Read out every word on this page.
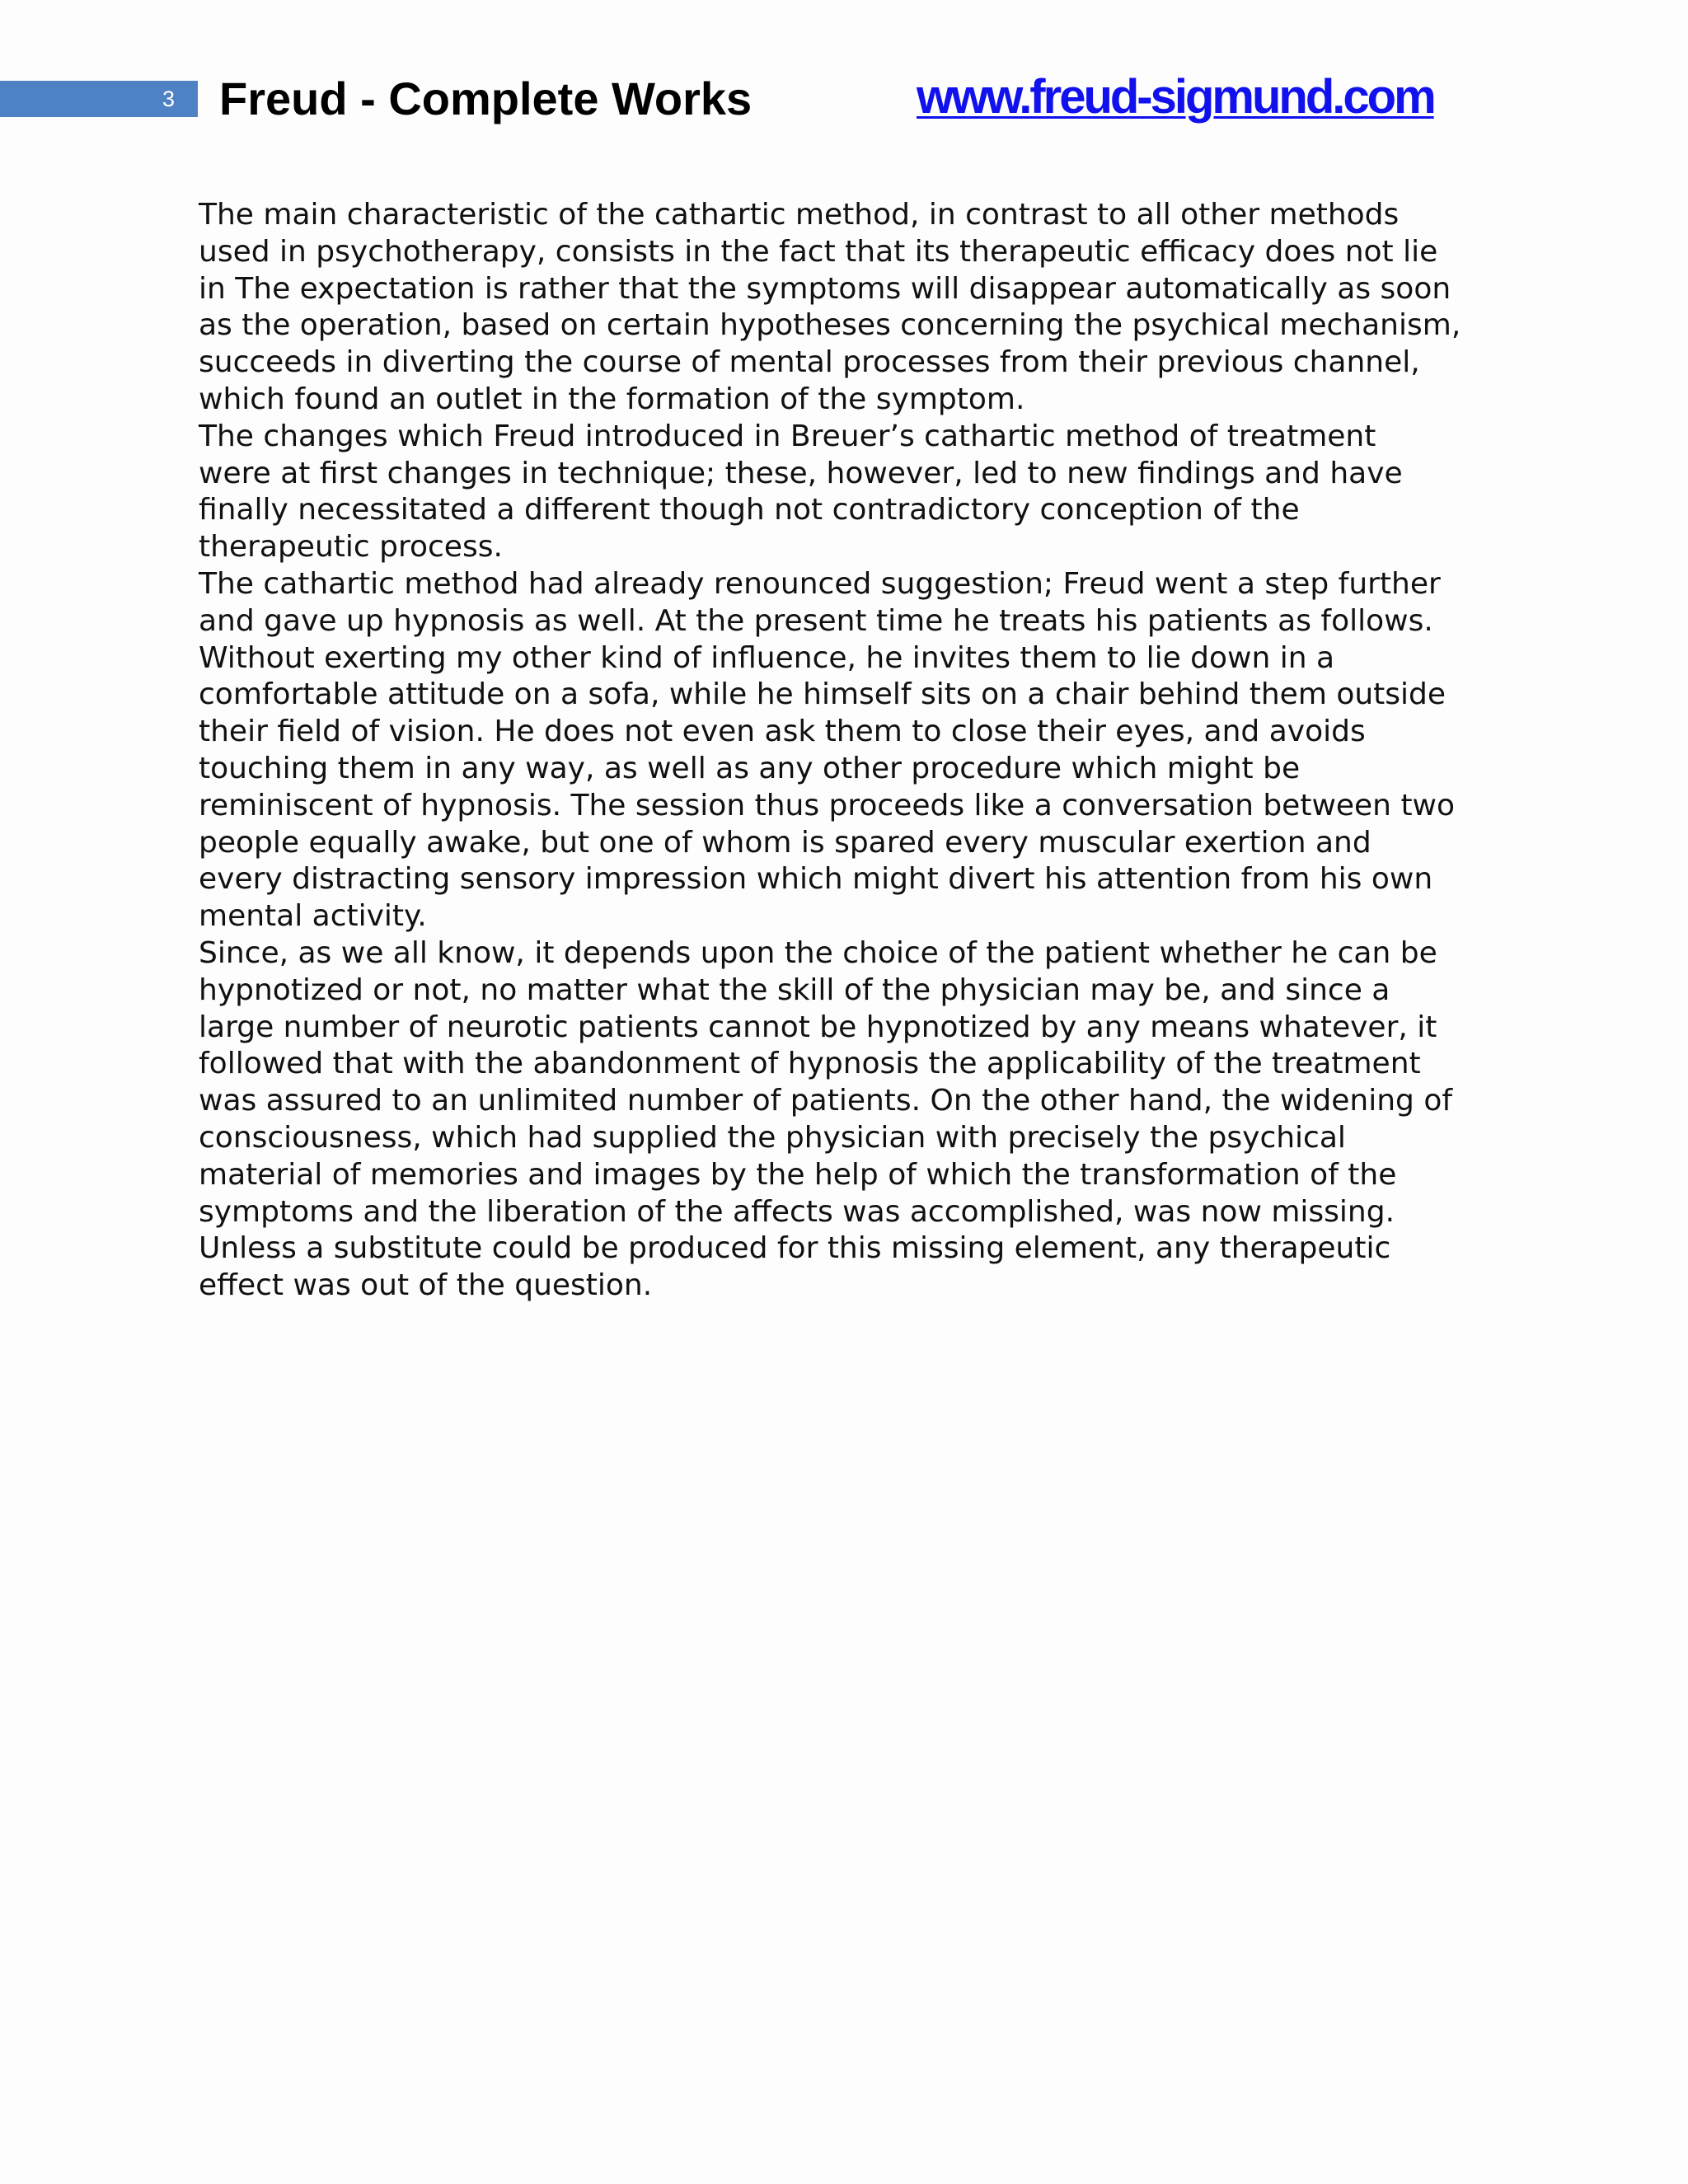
3 Freud - Complete Works	www.freud-sigmund.com
The main characteristic of the cathartic method, in contrast to all other methods
used in psychotherapy, consists in the fact that its therapeutic efficacy does not lie
in The expectation is rather that the symptoms will disappear automatically as soon
as the operation, based on certain hypotheses concerning the psychical mechanism,
succeeds in diverting the course of mental processes from their previous channel,
which found an outlet in the formation of the symptom.
The changes which Freud introduced in Breuer’s cathartic method of treatment
were at first changes in technique; these, however, led to new findings and have
finally necessitated a different though not contradictory conception of the
therapeutic process.
The cathartic method had already renounced suggestion; Freud went a step further
and gave up hypnosis as well. At the present time he treats his patients as follows.
Without exerting my other kind of influence, he invites them to lie down in a
comfortable attitude on a sofa, while he himself sits on a chair behind them outside
their field of vision. He does not even ask them to close their eyes, and avoids
touching them in any way, as well as any other procedure which might be
reminiscent of hypnosis. The session thus proceeds like a conversation between two
people equally awake, but one of whom is spared every muscular exertion and
every distracting sensory impression which might divert his attention from his own
mental activity.
Since, as we all know, it depends upon the choice of the patient whether he can be
hypnotized or not, no matter what the skill of the physician may be, and since a
large number of neurotic patients cannot be hypnotized by any means whatever, it
followed that with the abandonment of hypnosis the applicability of the treatment
was assured to an unlimited number of patients. On the other hand, the widening of
consciousness, which had supplied the physician with precisely the psychical
material of memories and images by the help of which the transformation of the
symptoms and the liberation of the affects was accomplished, was now missing.
Unless a substitute could be produced for this missing element, any therapeutic
effect was out of the question.
